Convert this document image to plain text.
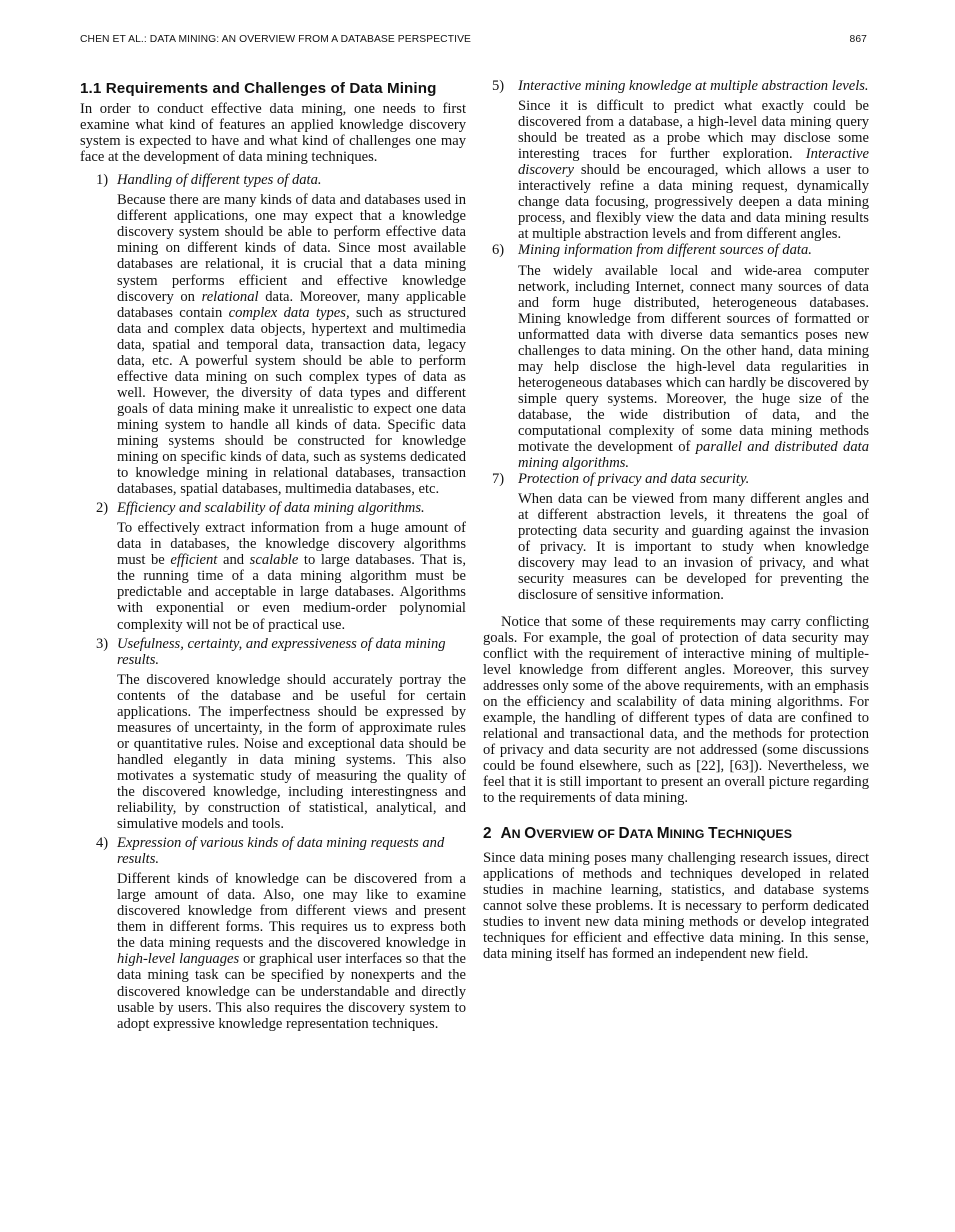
CHEN ET AL.: DATA MINING: AN OVERVIEW FROM A DATABASE PERSPECTIVE	867
1.1 Requirements and Challenges of Data Mining

In order to conduct effective data mining, one needs to first examine what kind of features an applied knowledge discovery system is expected to have and what kind of challenges one may face at the development of data mining techniques.

1) Handling of different types of data.

Because there are many kinds of data and databases used in different applications, one may expect that a knowledge discovery system should be able to perform effective data mining on different kinds of data. Since most available databases are relational, it is crucial that a data mining system performs efficient and effective knowledge discovery on relational data. Moreover, many applicable databases contain complex data types, such as structured data and complex data objects, hypertext and multimedia data, spatial and temporal data, transaction data, legacy data, etc. A powerful system should be able to perform effective data mining on such complex types of data as well. However, the diversity of data types and different goals of data mining make it unrealistic to expect one data mining system to handle all kinds of data. Specific data mining systems should be constructed for knowledge mining on specific kinds of data, such as systems dedicated to knowledge mining in relational databases, transaction databases, spatial databases, multimedia databases, etc.

2) Efficiency and scalability of data mining algorithms.

To effectively extract information from a huge amount of data in databases, the knowledge discovery algorithms must be efficient and scalable to large databases. That is, the running time of a data mining algorithm must be predictable and acceptable in large databases. Algorithms with exponential or even medium-order polynomial complexity will not be of practical use.

3) Usefulness, certainty, and expressiveness of data mining results.

The discovered knowledge should accurately portray the contents of the database and be useful for certain applications. The imperfectness should be expressed by measures of uncertainty, in the form of approximate rules or quantitative rules. Noise and exceptional data should be handled elegantly in data mining systems. This also motivates a systematic study of measuring the quality of the discovered knowledge, including interestingness and reliability, by construction of statistical, analytical, and simulative models and tools.

4) Expression of various kinds of data mining requests and results.

Different kinds of knowledge can be discovered from a large amount of data. Also, one may like to examine discovered knowledge from different views and present them in different forms. This requires us to express both the data mining requests and the discovered knowledge in high-level languages or graphical user interfaces so that the data mining task can be specified by nonexperts and the discovered knowledge can be understandable and directly usable by users. This also requires the discovery system to adopt expressive knowledge representation techniques.

5) Interactive mining knowledge at multiple abstraction levels.

Since it is difficult to predict what exactly could be discovered from a database, a high-level data mining query should be treated as a probe which may disclose some interesting traces for further exploration. Interactive discovery should be encouraged, which allows a user to interactively refine a data mining request, dynamically change data focusing, progressively deepen a data mining process, and flexibly view the data and data mining results at multiple abstraction levels and from different angles.

6) Mining information from different sources of data.

The widely available local and wide-area computer network, including Internet, connect many sources of data and form huge distributed, heterogeneous databases. Mining knowledge from different sources of formatted or unformatted data with diverse data semantics poses new challenges to data mining. On the other hand, data mining may help disclose the high-level data regularities in heterogeneous databases which can hardly be discovered by simple query systems. Moreover, the huge size of the database, the wide distribution of data, and the computational complexity of some data mining methods motivate the development of parallel and distributed data mining algorithms.

7) Protection of privacy and data security.

When data can be viewed from many different angles and at different abstraction levels, it threatens the goal of protecting data security and guarding against the invasion of privacy. It is important to study when knowledge discovery may lead to an invasion of privacy, and what security measures can be developed for preventing the disclosure of sensitive information.

Notice that some of these requirements may carry conflicting goals. For example, the goal of protection of data security may conflict with the requirement of interactive mining of multiple-level knowledge from different angles. Moreover, this survey addresses only some of the above requirements, with an emphasis on the efficiency and scalability of data mining algorithms. For example, the handling of different types of data are confined to relational and transactional data, and the methods for protection of privacy and data security are not addressed (some discussions could be found elsewhere, such as [22], [63]). Nevertheless, we feel that it is still important to present an overall picture regarding to the requirements of data mining.

2 AN OVERVIEW OF DATA MINING TECHNIQUES

Since data mining poses many challenging research issues, direct applications of methods and techniques developed in related studies in machine learning, statistics, and database systems cannot solve these problems. It is necessary to perform dedicated studies to invent new data mining methods or develop integrated techniques for efficient and effective data mining. In this sense, data mining itself has formed an independent new field.
